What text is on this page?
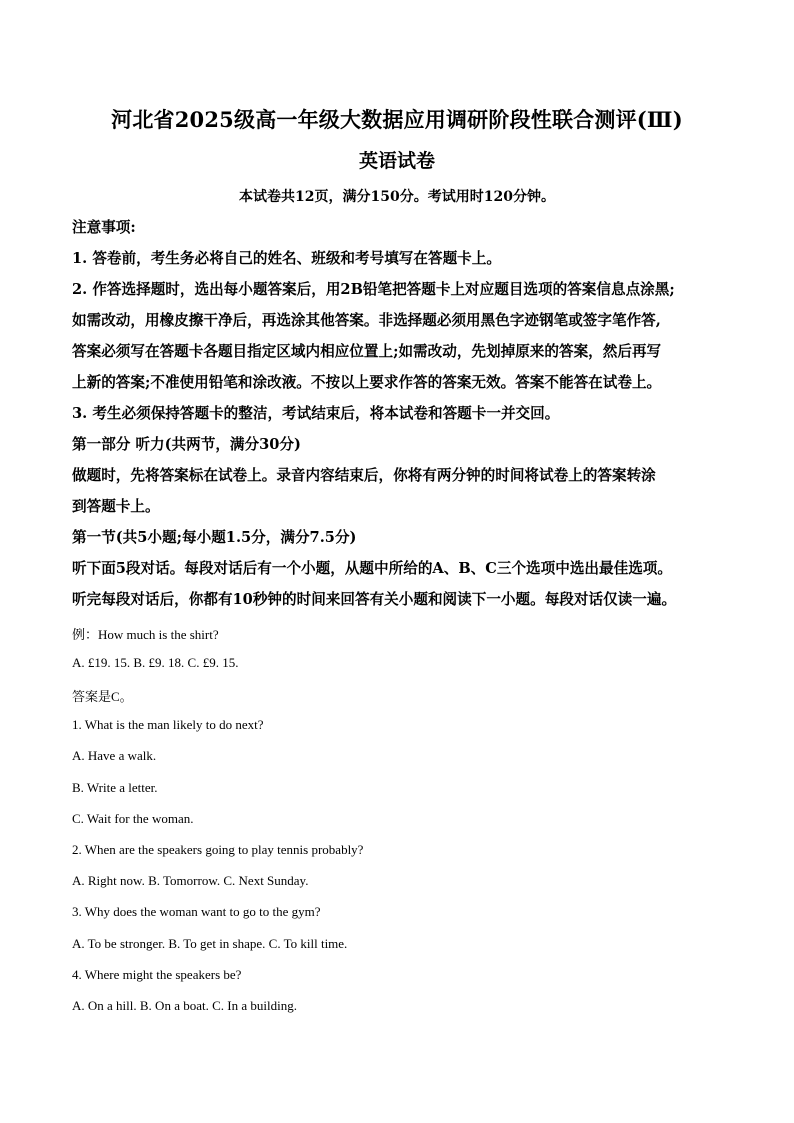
河北省2025级高一年级大数据应用调研阶段性联合测评(Ⅲ)
英语试卷
本试卷共12页，满分150分。考试用时120分钟。
注意事项:
1. 答卷前，考生务必将自己的姓名、班级和考号填写在答题卡上。
2. 作答选择题时，选出每小题答案后，用2B铅笔把答题卡上对应题目选项的答案信息点涂黑;
如需改动，用橡皮擦干净后，再选涂其他答案。非选择题必须用黑色字迹钢笔或签字笔作答,
答案必须写在答题卡各题目指定区域内相应位置上;如需改动，先划掉原来的答案，然后再写
上新的答案;不准使用铅笔和涂改液。不按以上要求作答的答案无效。答案不能答在试卷上。
3. 考生必须保持答题卡的整洁，考试结束后，将本试卷和答题卡一并交回。
第一部分 听力(共两节，满分30分)
做题时，先将答案标在试卷上。录音内容结束后，你将有两分钟的时间将试卷上的答案转涂
到答题卡上。
第一节(共5小题;每小题1.5分，满分7.5分)
听下面5段对话。每段对话后有一个小题，从题中所给的A、B、C三个选项中选出最佳选项。
听完每段对话后，你都有10秒钟的时间来回答有关小题和阅读下一小题。每段对话仅读一遍。
例：How much is the shirt?
A. £19. 15. B. £9. 18. C. £9. 15.
答案是C。
1. What is the man likely to do next?
A. Have a walk.
B. Write a letter.
C. Wait for the woman.
2. When are the speakers going to play tennis probably?
A. Right now. B. Tomorrow. C. Next Sunday.
3. Why does the woman want to go to the gym?
A. To be stronger. B. To get in shape. C. To kill time.
4. Where might the speakers be?
A. On a hill. B. On a boat. C. In a building.
